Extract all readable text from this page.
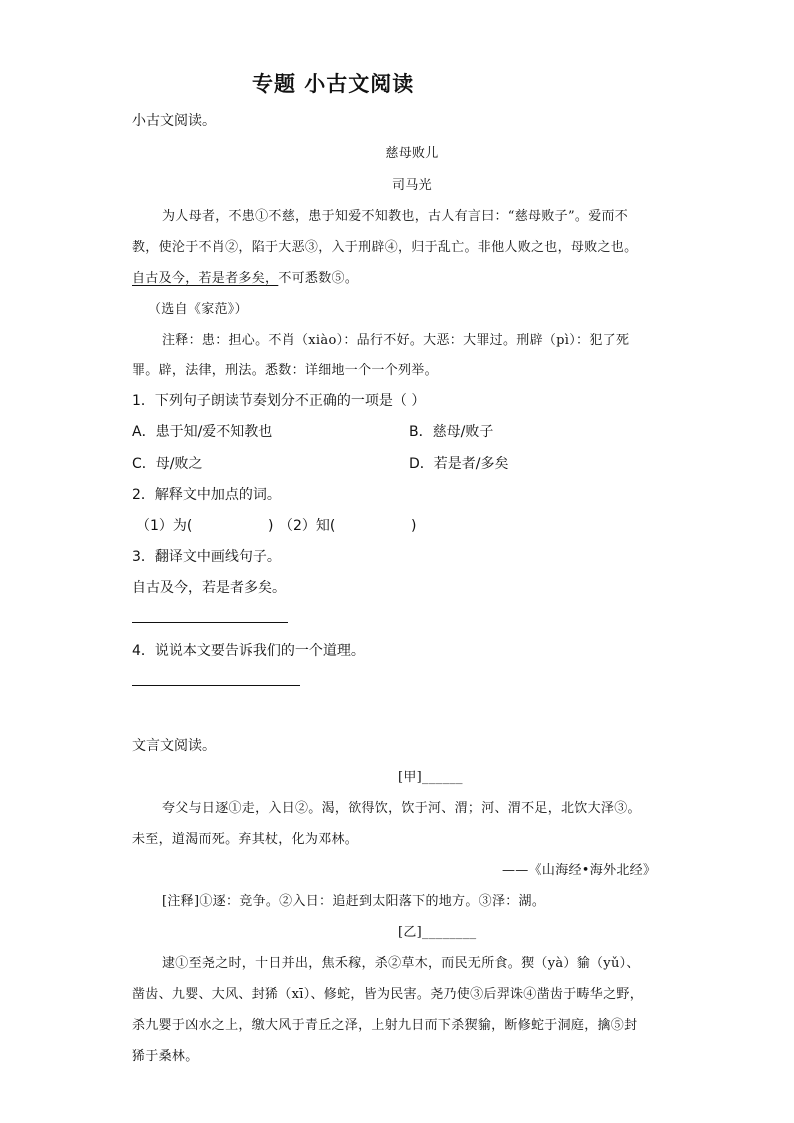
专题 小古文阅读
小古文阅读。
慈母败儿
司马光
为人母者，不患①不慈，患于知爱不知教也，古人有言曰：“慈母败子”。爱而不
教，使沦于不肖②，陷于大恶③，入于刑辟④，归于乱亡。非他人败之也，母败之也。
自古及今，若是者多矣，不可悉数⑤。
（选自《家范》）
注释：患：担心。不肖（xiào）：品行不好。大恶：大罪过。刑辟（pì）：犯了死
罪。辟，法律，刑法。悉数：详细地一个一个列举。
1．下列句子朗读节奏划分不正确的一项是（ ）
A．患于知/爱不知教也	B．慈母/败子
C．母/败之	D．若是者/多矣
2．解释文中加点的词。
（1）为(                 ) （2）知(                 )
3．翻译文中画线句子。
自古及今，若是者多矣。
4．说说本文要告诉我们的一个道理。
文言文阅读。
[甲]______
夸父与日逐①走，入日②。渴，欲得饮，饮于河、渭；河、渭不足，北饮大泽③。
未至，道渴而死。弃其杖，化为邓林。
——《山海经•海外北经》
[注释]①逐：竞争。②入日：追赶到太阳落下的地方。③泽：湖。
[乙]________
逮①至尧之时，十日并出，焦禾稼，杀②草木，而民无所食。猰（yà）貐（yǔ）、
凿齿、九婴、大风、封狶（xī）、修蛇，皆为民害。尧乃使③后羿诛④凿齿于畴华之野，
杀九婴于凶水之上，缴大风于青丘之泽，上射九日而下杀猰貐，断修蛇于洞庭，擒⑤封
狶于桑林。
